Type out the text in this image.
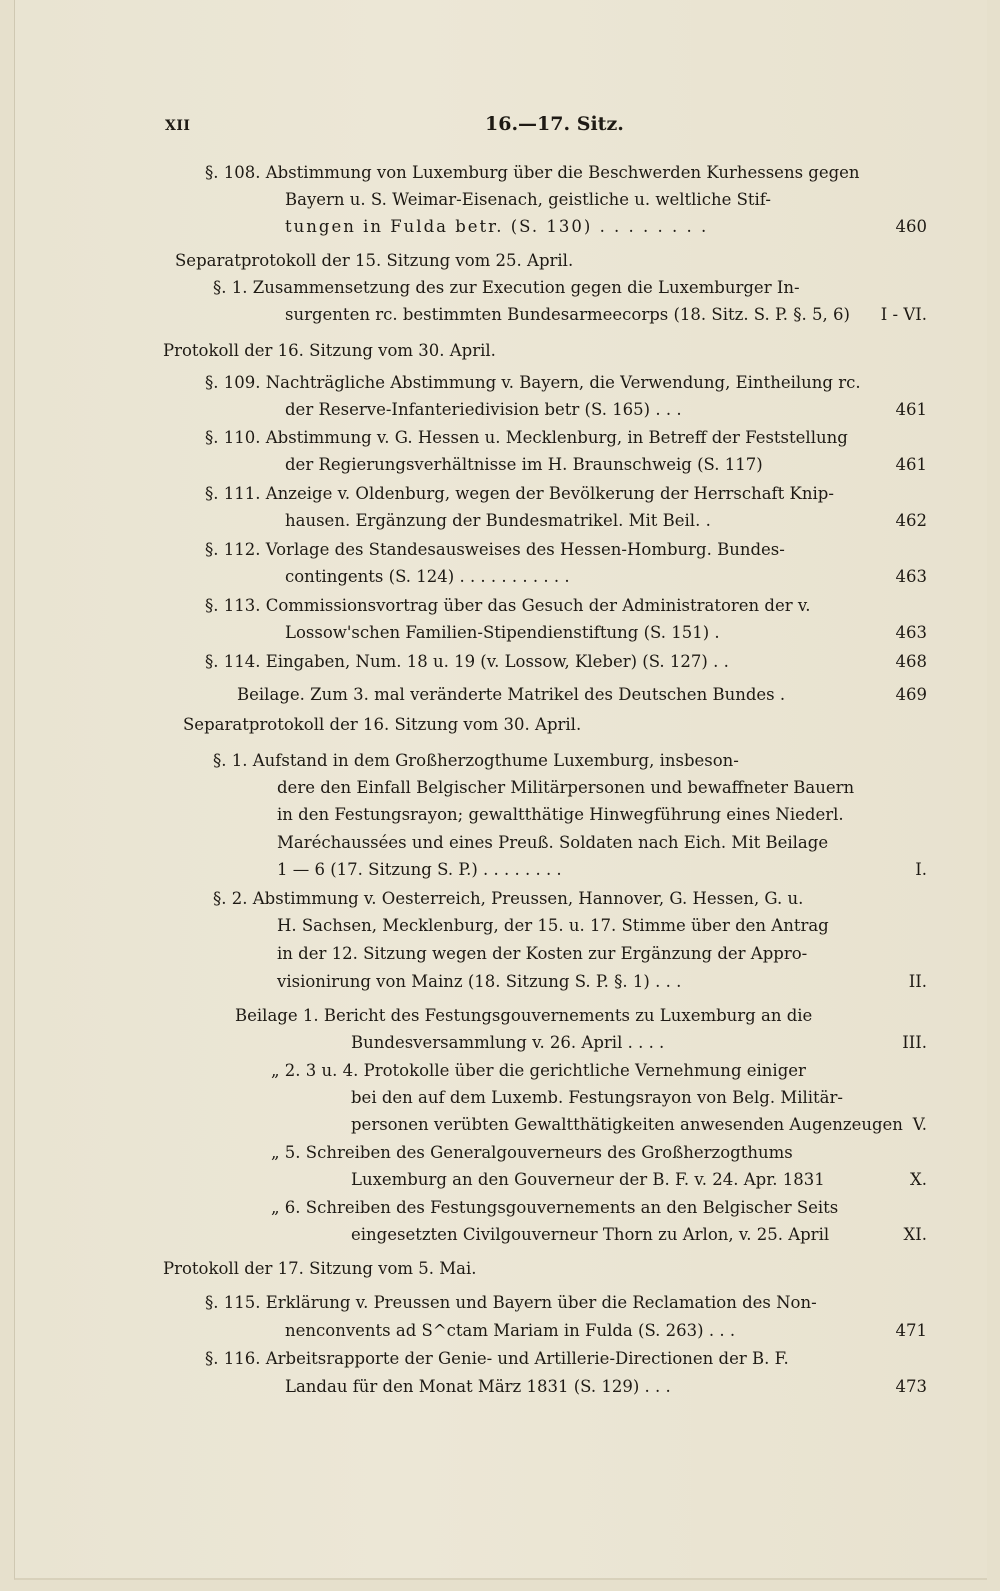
XII	16.—17. Sitz.
§. 108. Abstimmung von Luxemburg über die Beschwerden Kurhessens gegen
Bayern u. S. Weimar-Eisenach, geistliche u. weltliche Stif-
tungen in Fulda betr. (S. 130) . . . . . . . .	460
Separatprotokoll der 15. Sitzung vom 25. April.
§. 1. Zusammensetzung des zur Execution gegen die Luxemburger In-
surgenten rc. bestimmten Bundesarmeecorps (18. Sitz. S. P. §. 5, 6) I - VI.
Protokoll der 16. Sitzung vom 30. April.
§. 109. Nachträgliche Abstimmung v. Bayern, die Verwendung, Eintheilung rc.
der Reserve-Infanteriedivision betr (S. 165) . . .	461
§. 110. Abstimmung v. G. Hessen u. Mecklenburg, in Betreff der Feststellung
der Regierungsverhältnisse im H. Braunschweig (S. 117)	461
§. 111. Anzeige v. Oldenburg, wegen der Bevölkerung der Herrschaft Knip-
hausen. Ergänzung der Bundesmatrikel. Mit Beil. .	462
§. 112. Vorlage des Standesausweises des Hessen-Homburg. Bundes-
contingents (S. 124) . . . . . . . . . . .	463
§. 113. Commissionsvortrag über das Gesuch der Administratoren der v.
Lossow'schen Familien-Stipendienstiftung (S. 151) .	463
§. 114. Eingaben, Num. 18 u. 19 (v. Lossow, Kleber) (S. 127) . .	468
Beilage. Zum 3. mal veränderte Matrikel des Deutschen Bundes .	469
Separatprotokoll der 16. Sitzung vom 30. April.
§. 1. Aufstand in dem Großherzogthume Luxemburg, insbeson-
dere den Einfall Belgischer Militärpersonen und bewaffneter Bauern
in den Festungsrayon; gewaltthätige Hinwegführung eines Niederl.
Maréchaussées und eines Preuß. Soldaten nach Eich. Mit Beilage
1 — 6 (17. Sitzung S. P.) . . . . . . . .	I.
§. 2. Abstimmung v. Oesterreich, Preussen, Hannover, G. Hessen, G. u.
H. Sachsen, Mecklenburg, der 15. u. 17. Stimme über den Antrag
in der 12. Sitzung wegen der Kosten zur Ergänzung der Appro-
visionirung von Mainz (18. Sitzung S. P. §. 1) . . .	II.
Beilage 1. Bericht des Festungsgouvernements zu Luxemburg an die
Bundesversammlung v. 26. April . . . .	III.
„ 2. 3 u. 4. Protokolle über die gerichtliche Vernehmung einiger
bei den auf dem Luxemb. Festungsrayon von Belg. Militär-
personen verübten Gewaltthätigkeiten anwesenden Augenzeugen V.
„ 5. Schreiben des Generalgouverneurs des Großherzogthums
Luxemburg an den Gouverneur der B. F. v. 24. Apr. 1831	X.
„ 6. Schreiben des Festungsgouvernements an den Belgischer Seits
eingesetzten Civilgouverneur Thorn zu Arlon, v. 25. April	XI.
Protokoll der 17. Sitzung vom 5. Mai.
§. 115. Erklärung v. Preussen und Bayern über die Reclamation des Non-
nenconvents ad S^ctam Mariam in Fulda (S. 263) . . .	471
§. 116. Arbeitsrapporte der Genie- und Artillerie-Directionen der B. F.
Landau für den Monat März 1831 (S. 129) . . .	473
